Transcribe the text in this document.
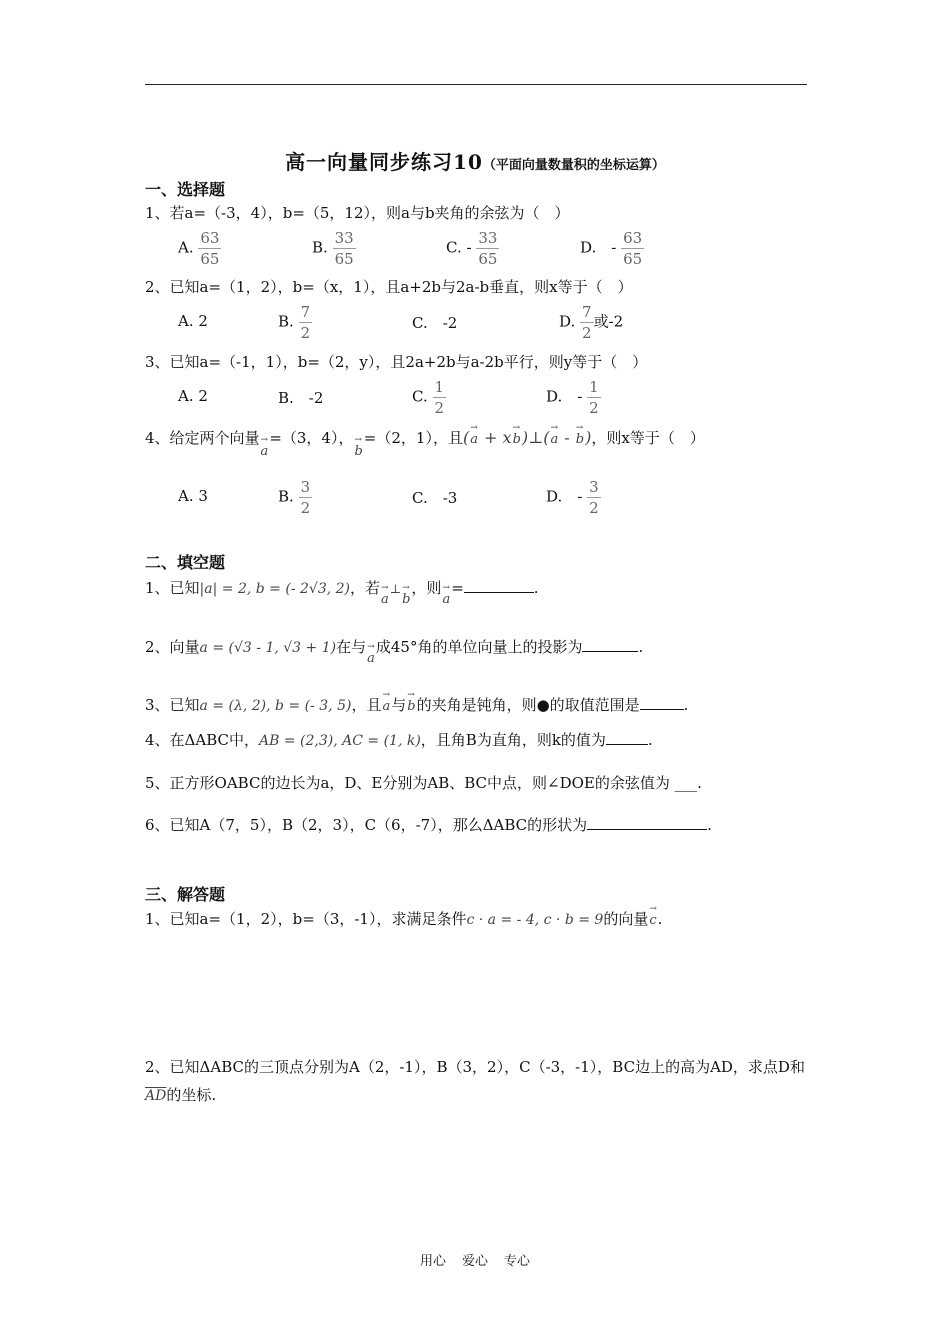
高一向量同步练习10（平面向量数量积的坐标运算）
一、选择题
1、若a=（-3，4），b=（5，12），则a与b夹角的余弦为（　）
A. $\frac{63}{65}$	B. $\frac{33}{65}$	C. - $\frac{33}{65}$	D.　- $\frac{63}{65}$
2、已知a=（1，2），b=（x，1），且a+2b与2a-b垂直，则x等于（　）
A. 2	B. $\frac{7}{2}$	C.　-2	D. $\frac{7}{2}$ 或-2
3、已知a=（-1，1），b=（2，y），且2a+2b与a-2b平行，则y等于（　）
A. 2	B.　-2	C. $\frac{1}{2}$	D.　- $\frac{1}{2}$
4、给定两个向量→ a=（3，4），→ b=（2，1），且(→ a + x→ b)⊥(→ a - → b)，则x等于（　）
A. 3	B. $\frac{3}{2}$	C.　-3	D.　- $\frac{3}{2}$
二、填空题
1、已知|a| = 2, b = (- 2√3, 2)，若→ a⊥→ b，则→ a=	.
2、向量a = (√3 - 1, √3 + 1)在与→ a成45°角的单位向量上的投影为	.
3、已知a = (λ, 2), b = (- 3, 5)，且→ a与→ b的夹角是钝角，则●的取值范围是	.
4、在ΔABC中，AB = (2,3), AC = (1, k)，且角B为直角，则k的值为	.
5、正方形OABC的边长为a，D、E分别为AB、BC中点，则∠DOE的余弦值为 ___.
6、已知A（7，5），B（2，3），C（6，-7），那么ΔABC的形状为	.
三、解答题
1、已知a=（1，2），b=（3，-1），求满足条件c · a = - 4, c · b = 9的向量→ c.
2、已知ΔABC的三顶点分别为A（2，-1），B（3，2），C（-3，-1），BC边上的高为AD，求点D和
$\overline{AD}$的坐标.
用心 爱心 专心
